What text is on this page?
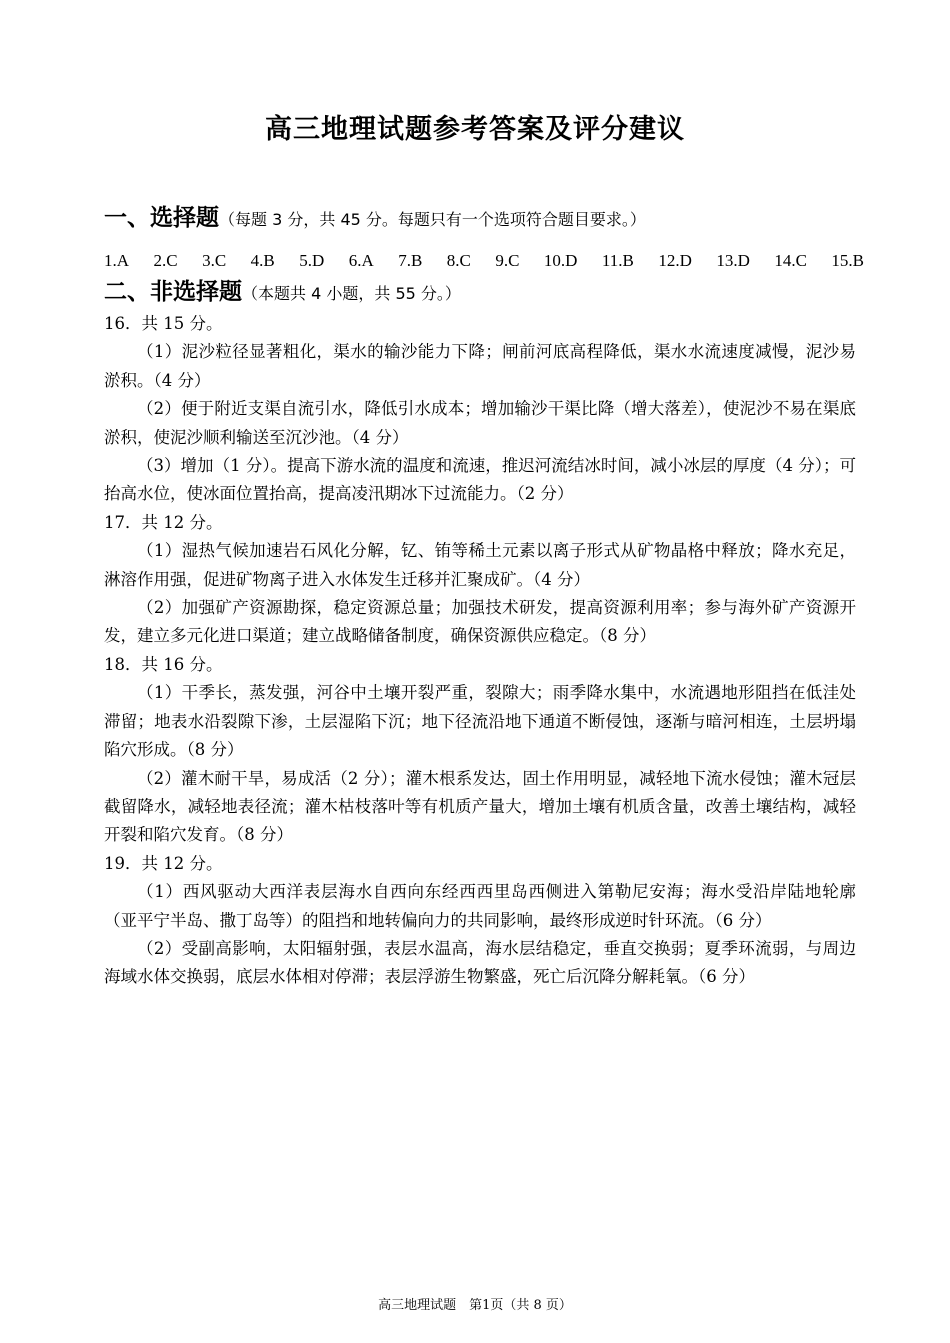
高三地理试题参考答案及评分建议
一、选择题（每题 3 分，共 45 分。每题只有一个选项符合题目要求。）
1.A 2.C 3.C 4.B 5.D 6.A 7.B 8.C 9.C 10.D 11.B 12.D 13.D 14.C 15.B
二、非选择题（本题共 4 小题，共 55 分。）

16．共 15 分。

（1）泥沙粒径显著粗化，渠水的输沙能力下降；闸前河底高程降低，渠水水流速度减慢，泥沙易淤积。（4 分）

（2）便于附近支渠自流引水，降低引水成本；增加输沙干渠比降（增大落差），使泥沙不易在渠底淤积，使泥沙顺利输送至沉沙池。（4 分）

（3）增加（1 分）。提高下游水流的温度和流速，推迟河流结冰时间，减小冰层的厚度（4 分）；可抬高水位，使冰面位置抬高，提高凌汛期冰下过流能力。（2 分）

17．共 12 分。

（1）湿热气候加速岩石风化分解，钇、铕等稀土元素以离子形式从矿物晶格中释放；降水充足，淋溶作用强，促进矿物离子进入水体发生迁移并汇聚成矿。（4 分）

（2）加强矿产资源勘探，稳定资源总量；加强技术研发，提高资源利用率；参与海外矿产资源开发，建立多元化进口渠道；建立战略储备制度，确保资源供应稳定。（8 分）

18．共 16 分。

（1）干季长，蒸发强，河谷中土壤开裂严重，裂隙大；雨季降水集中，水流遇地形阻挡在低洼处滞留；地表水沿裂隙下渗，土层湿陷下沉；地下径流沿地下通道不断侵蚀，逐渐与暗河相连，土层坍塌陷穴形成。（8 分）

（2）灌木耐干旱，易成活（2 分）；灌木根系发达，固土作用明显，减轻地下流水侵蚀；灌木冠层截留降水，减轻地表径流；灌木枯枝落叶等有机质产量大，增加土壤有机质含量，改善土壤结构，减轻开裂和陷穴发育。（8 分）

19．共 12 分。

（1）西风驱动大西洋表层海水自西向东经西西里岛西侧进入第勒尼安海；海水受沿岸陆地轮廓（亚平宁半岛、撒丁岛等）的阻挡和地转偏向力的共同影响，最终形成逆时针环流。（6 分）

（2）受副高影响，太阳辐射强，表层水温高，海水层结稳定，垂直交换弱；夏季环流弱，与周边海域水体交换弱，底层水体相对停滞；表层浮游生物繁盛，死亡后沉降分解耗氧。（6 分）

高三地理试题　第1页（共 8 页）
